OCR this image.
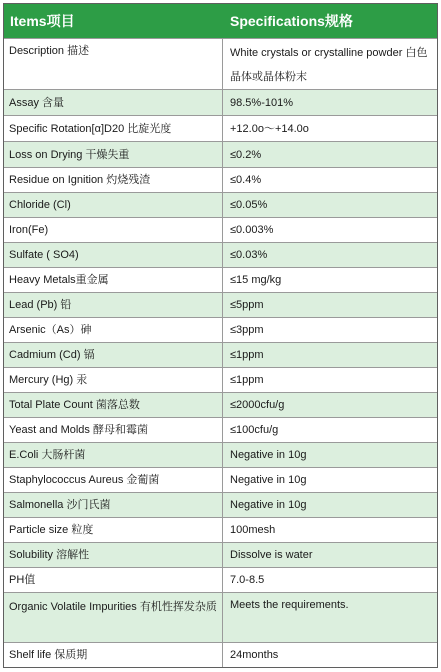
Items项目	Specifications规格
Description 描述	White crystals or crystalline powder 白色晶体或晶体粉末
Assay 含量	98.5%-101%
Specific Rotation[α]D20 比旋光度	+12.0o～+14.0o
Loss on Drying 干燥失重	≤0.2%
Residue on Ignition 灼烧残渣	≤0.4%
Chloride (Cl)	≤0.05%
Iron(Fe)	≤0.003%
Sulfate ( SO4)	≤0.03%
Heavy Metals重金属	≤15 mg/kg
Lead (Pb) 铅	≤5ppm
Arsenic（As）砷	≤3ppm
Cadmium (Cd) 镉	≤1ppm
Mercury (Hg) 汞	≤1ppm
Total Plate Count 菌落总数	≤2000cfu/g
Yeast and Molds 酵母和霉菌	≤100cfu/g
E.Coli 大肠杆菌	Negative in 10g
Staphylococcus Aureus 金葡菌	Negative in 10g
Salmonella 沙门氏菌	Negative in 10g
Particle size 粒度	100mesh
Solubility 溶解性	Dissolve is water
PH值	7.0-8.5
Organic Volatile Impurities 有机性挥发杂质	Meets the requirements.
Shelf life 保质期	24months
